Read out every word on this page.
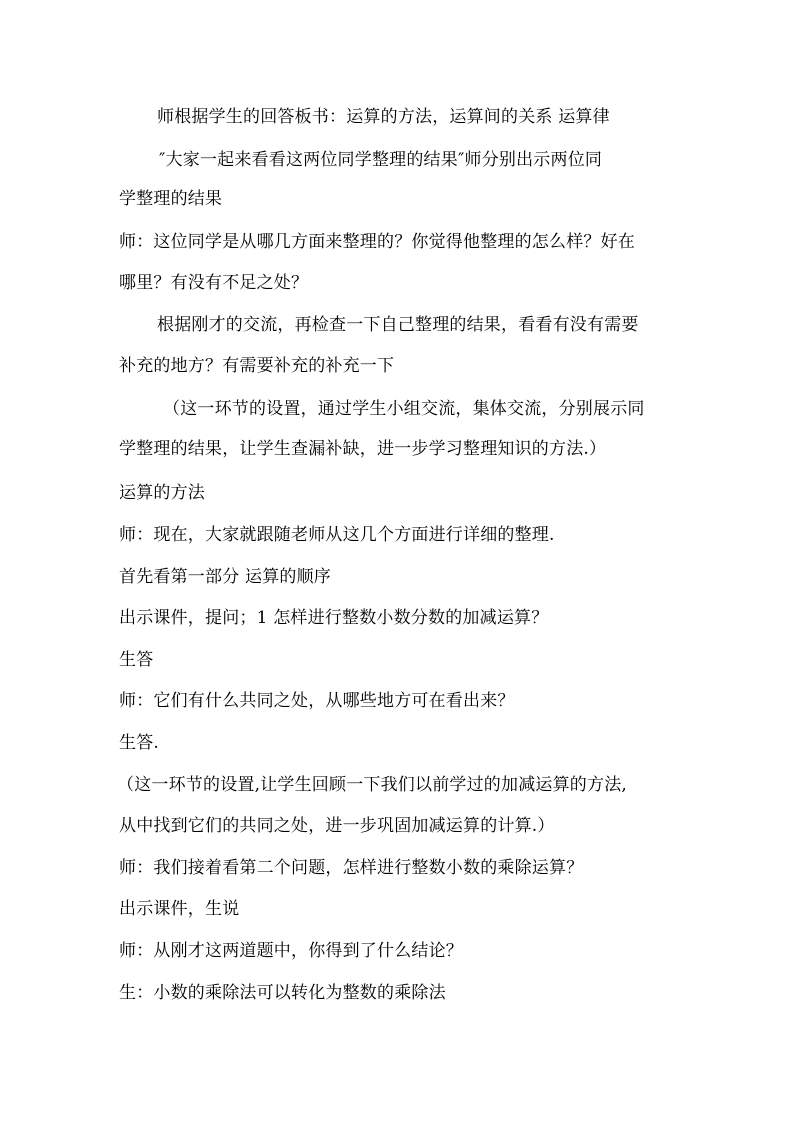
师根据学生的回答板书：运算的方法，运算间的关系 运算律
″大家一起来看看这两位同学整理的结果″师分别出示两位同
学整理的结果
师：这位同学是从哪几方面来整理的？你觉得他整理的怎么样？好在
哪里？有没有不足之处？
根据刚才的交流，再检查一下自己整理的结果，看看有没有需要
补充的地方？有需要补充的补充一下
（这一环节的设置，通过学生小组交流，集体交流，分别展示同
学整理的结果，让学生查漏补缺，进一步学习整理知识的方法.）
运算的方法
师：现在，大家就跟随老师从这几个方面进行详细的整理.
首先看第一部分 运算的顺序
出示课件，提问；1 怎样进行整数小数分数的加减运算？
生答
师：它们有什么共同之处，从哪些地方可在看出来？
生答.
（这一环节的设置,让学生回顾一下我们以前学过的加减运算的方法,
从中找到它们的共同之处，进一步巩固加减运算的计算.）
师：我们接着看第二个问题，怎样进行整数小数的乘除运算？
出示课件，生说
师：从刚才这两道题中，你得到了什么结论？
生：小数的乘除法可以转化为整数的乘除法
